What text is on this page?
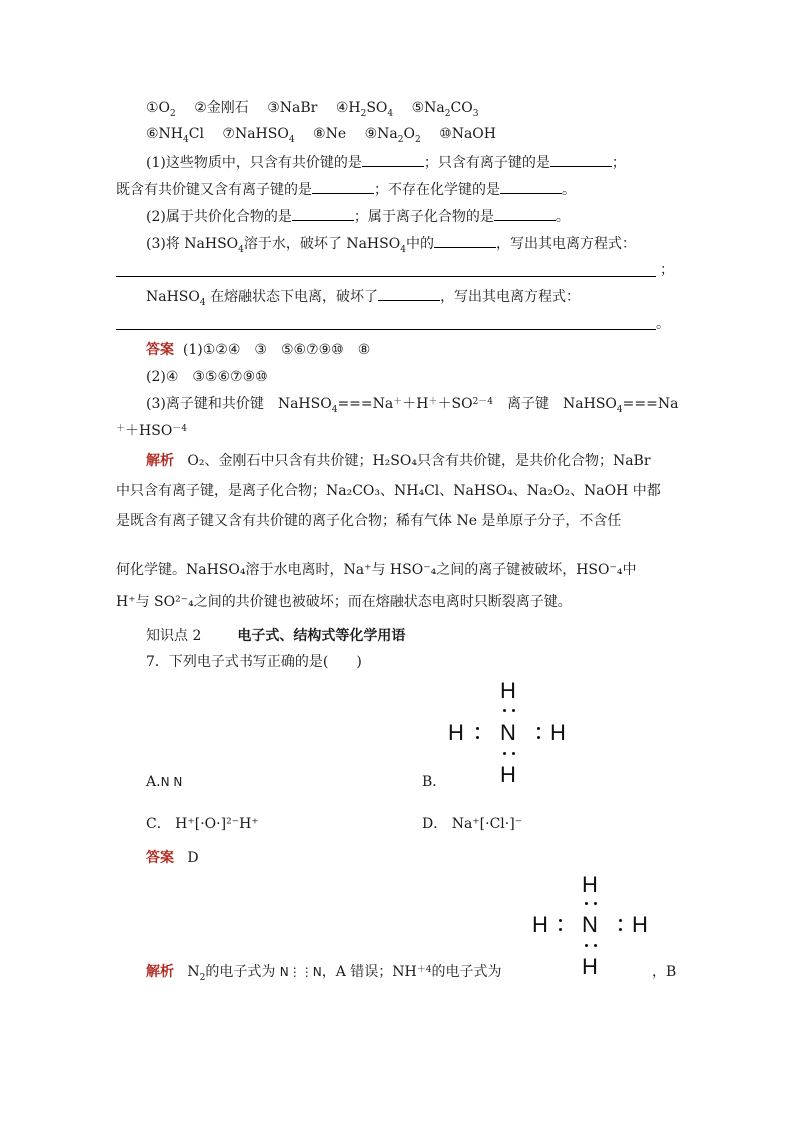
$①O_2$ ②金刚石 ③NaBr $④H_2SO_4$ $⑤Na_2CO_3$
$⑥NH_4Cl$ ⑦NaHSO$_4$ ⑧Ne $⑨Na_2O_2$ ⑩NaOH
(1)这些物质中，只含有共价键的是	；只含有离子键的是	；
既含有共价键又含有离子键的是	；不存在化学键的是	。
(2)属于共价化合物的是	；属于离子化合物的是	。
(3)将 NaHSO$_4$溶于水，破坏了 NaHSO$_4$中的	，写出其电离方程式：
；
NaHSO$_4$ 在熔融状态下电离，破坏了	，写出其电离方程式：
。
答案 (1)①②④　③　⑤⑥⑦⑨⑩　⑧
(2)④　③⑤⑥⑦⑨⑩
(3)离子键和共价键　$NaHSO_4===Na^++H^++SO^{2-4}$　离子键　NaHSO$_4$===Na
$^++HSO^{-4}$
解析 O₂、金刚石中只含有共价键；H₂SO₄只含有共价键，是共价化合物；NaBr
中只含有离子键，是离子化合物；Na₂CO₃、NH₄Cl、NaHSO₄、Na₂O₂、NaOH 中都
是既含有离子键又含有共价键的离子化合物；稀有气体 Ne 是单原子分子，不含任
何化学键。NaHSO₄溶于水电离时，Na⁺与 HSO⁻₄之间的离子键被破坏，HSO⁻₄中
H⁺与 SO²⁻₄之间的共价键也被破坏；而在熔融状态电离时只断裂离子键。
知识点 2	电子式、结构式等化学用语
7．下列电子式书写正确的是(　　)
H
H N H
H
A.N N	B．
C． H⁺[·O·]²⁻H⁺	D． Na⁺[·Cl·]⁻
答案 D
H
H N H
H
解析 $N_2$的电子式为 N⋮⋮N，A 错误；$NH^{+4}$的电子式为	，B
